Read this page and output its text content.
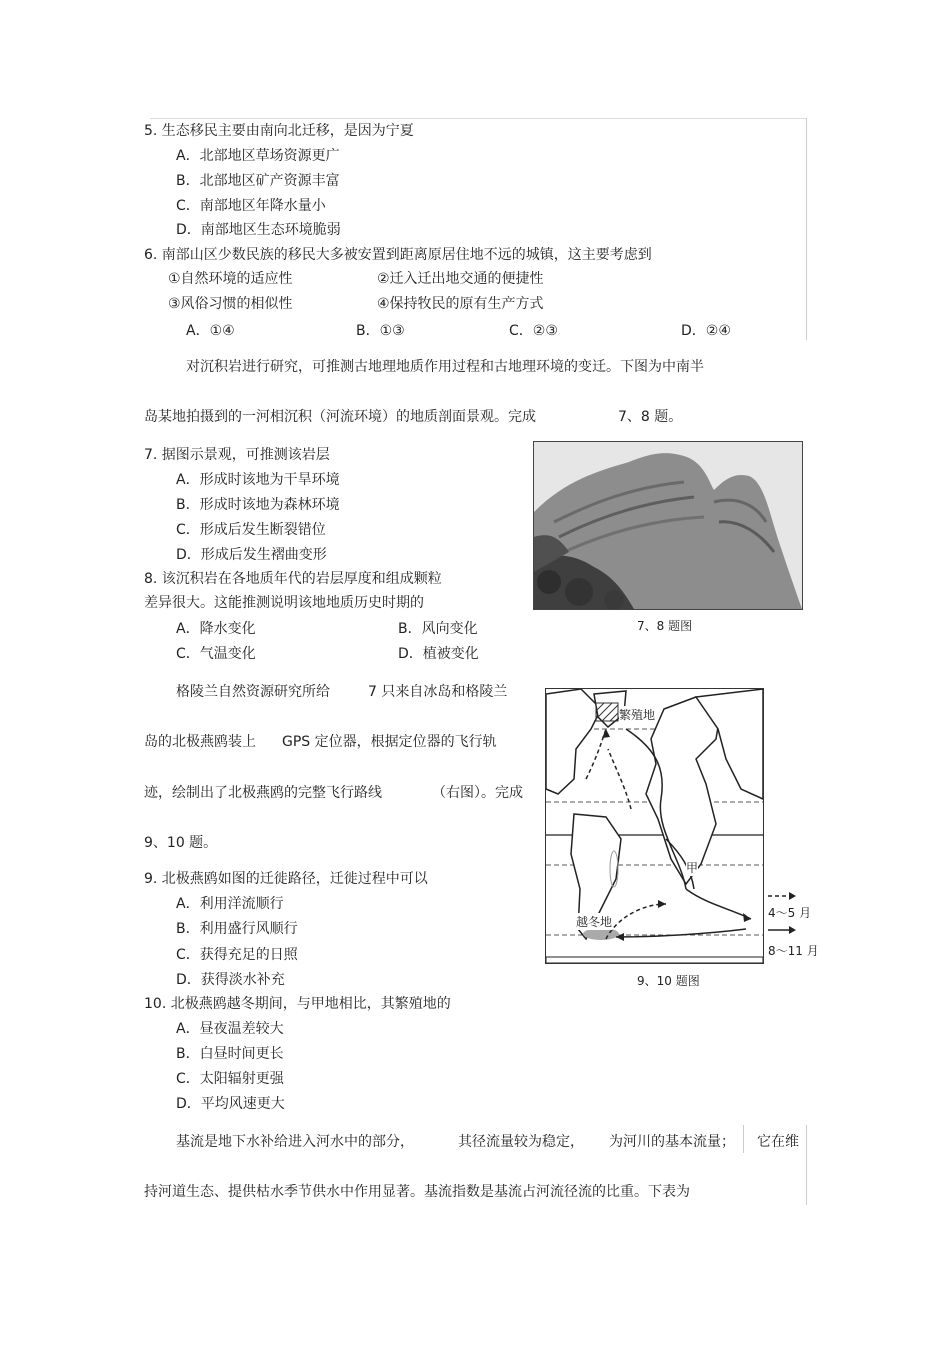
5. 生态移民主要由南向北迁移，是因为宁夏
A．北部地区草场资源更广
B．北部地区矿产资源丰富
C．南部地区年降水量小
D．南部地区生态环境脆弱
6. 南部山区少数民族的移民大多被安置到距离原居住地不远的城镇，这主要考虑到
①自然环境的适应性	②迁入迁出地交通的便捷性
③风俗习惯的相似性	④保持牧民的原有生产方式
A．①④	B．①③	C．②③	D．②④
对沉积岩进行研究，可推测古地理地质作用过程和古地理环境的变迁。下图为中南半
岛某地拍摄到的一河相沉积（河流环境）的地质剖面景观。完成	7、8 题。
7. 据图示景观，可推测该岩层
A．形成时该地为干旱环境
B．形成时该地为森林环境
C．形成后发生断裂错位
D．形成后发生褶曲变形
8. 该沉积岩在各地质年代的岩层厚度和组成颗粒
差异很大。这能推测说明该地地质历史时期的
A．降水变化	B．风向变化
C．气温变化	D．植被变化
7、8 题图
格陵兰自然资源研究所给	7 只来自冰岛和格陵兰
岛的北极燕鸥装上 GPS 定位器，根据定位器的飞行轨
迹，绘制出了北极燕鸥的完整飞行路线	（右图）。完成
9、10 题。
繁殖地
甲
越冬地
4～5 月
8～11 月
9、10 题图
9. 北极燕鸥如图的迁徙路径，迁徙过程中可以
A．利用洋流顺行
B．利用盛行风顺行
C．获得充足的日照
D．获得淡水补充
10. 北极燕鸥越冬期间，与甲地相比，其繁殖地的
A．昼夜温差较大
B．白昼时间更长
C．太阳辐射更强
D．平均风速更大
基流是地下水补给进入河水中的部分，	其径流量较为稳定， 为河川的基本流量； 它在维
持河道生态、提供枯水季节供水中作用显著。基流指数是基流占河流径流的比重。下表为
